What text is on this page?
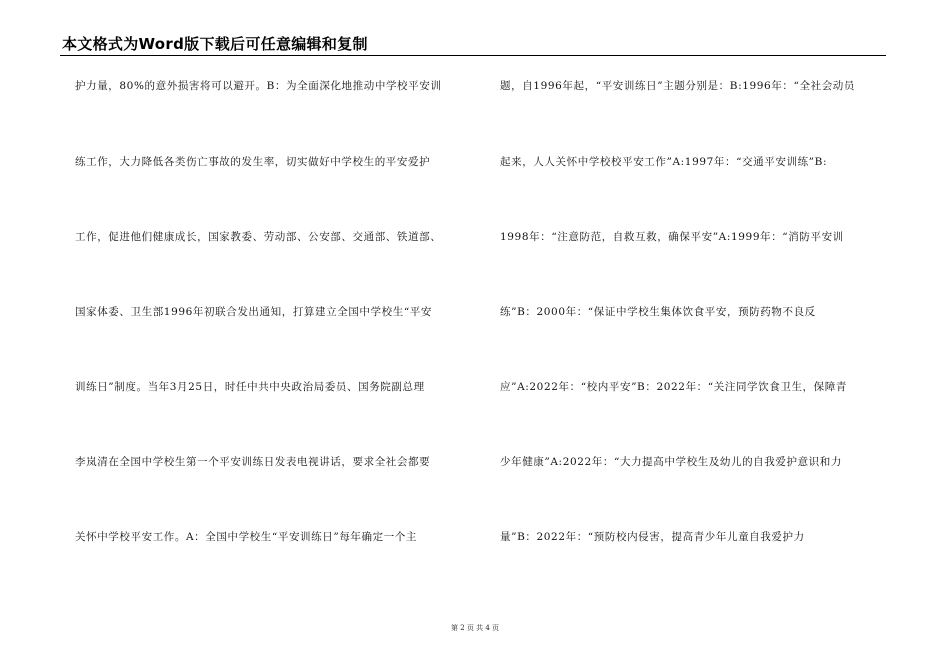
本文格式为Word版下载后可任意编辑和复制
护力量，80%的意外损害将可以避开。B：为全面深化地推动中学校平安训
练工作，大力降低各类伤亡事故的发生率，切实做好中学校生的平安爱护
工作，促进他们健康成长，国家教委、劳动部、公安部、交通部、铁道部、
国家体委、卫生部1996年初联合发出通知，打算建立全国中学校生“平安
训练日”制度。当年3月25日，时任中共中央政治局委员、国务院副总理
李岚清在全国中学校生第一个平安训练日发表电视讲话，要求全社会都要
关怀中学校平安工作。A：全国中学校生“平安训练日”每年确定一个主
题，自1996年起，“平安训练日”主题分别是：B:1996年：“全社会动员
起来，人人关怀中学校校平安工作”A:1997年：“交通平安训练”B:
1998年：“注意防范，自救互救，确保平安”A:1999年：“消防平安训
练”B：2000年：“保证中学校生集体饮食平安，预防药物不良反
应”A:2022年：“校内平安”B：2022年：“关注同学饮食卫生，保障青
少年健康”A:2022年：“大力提高中学校生及幼儿的自我爱护意识和力
量”B：2022年：“预防校内侵害，提高青少年儿童自我爱护力
第 2 页 共 4 页
